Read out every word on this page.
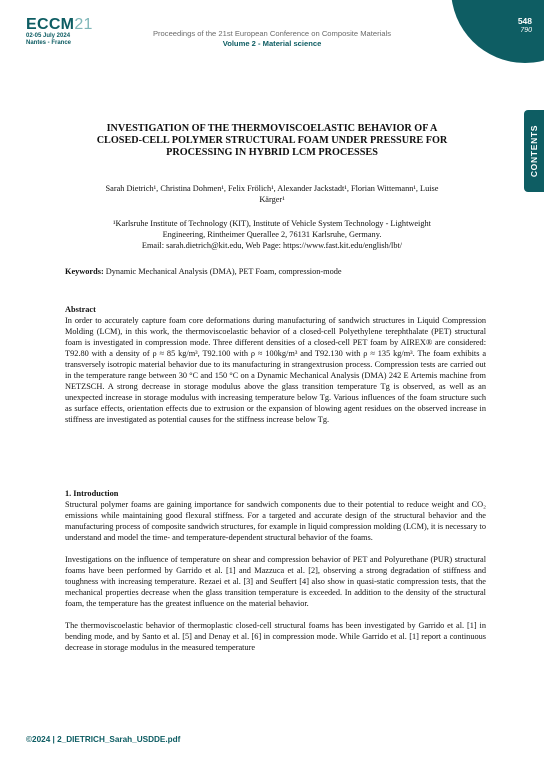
ECCM21
02-05 July 2024
Nantes - France
Proceedings of the 21st European Conference on Composite Materials
Volume 2 - Material science
548
790
CONTENTS
INVESTIGATION OF THE THERMOVISCOELASTIC BEHAVIOR OF A
CLOSED-CELL POLYMER STRUCTURAL FOAM UNDER PRESSURE FOR
PROCESSING IN HYBRID LCM PROCESSES
Sarah Dietrich¹, Christina Dohmen¹, Felix Frölich¹, Alexander Jackstadt¹, Florian Wittemann¹, Luise
Kärger¹
¹Karlsruhe Institute of Technology (KIT), Institute of Vehicle System Technology - Lightweight
Engineering, Rintheimer Querallee 2, 76131 Karlsruhe, Germany.
Email: sarah.dietrich@kit.edu, Web Page: https://www.fast.kit.edu/english/lbt/
Keywords: Dynamic Mechanical Analysis (DMA), PET Foam, compression-mode
Abstract
In order to accurately capture foam core deformations during manufacturing of sandwich structures in Liquid Compression Molding (LCM), in this work, the thermoviscoelastic behavior of a closed-cell Polyethylene terephthalate (PET) structural foam is investigated in compression mode. Three different densities of a closed-cell PET foam by AIREX® are considered: T92.80 with a density of ρ ≈ 85 kg/m³, T92.100 with ρ ≈ 100kg/m³ and T92.130 with ρ ≈ 135 kg/m³. The foam exhibits a transversely isotropic material behavior due to its manufacturing in strangextrusion process. Compression tests are carried out in the temperature range between 30 °C and 150 °C on a Dynamic Mechanical Analysis (DMA) 242 E Artemis machine from NETZSCH. A strong decrease in storage modulus above the glass transition temperature Tg is observed, as well as an unexpected increase in storage modulus with increasing temperature below Tg. Various influences of the foam structure such as surface effects, orientation effects due to extrusion or the expansion of blowing agent residues on the observed increase in stiffness are investigated as potential causes for the stiffness increase below Tg.
1. Introduction
Structural polymer foams are gaining importance for sandwich components due to their potential to reduce weight and CO₂ emissions while maintaining good flexural stiffness. For a targeted and accurate design of the structural behavior and the manufacturing process of composite sandwich structures, for example in liquid compression molding (LCM), it is necessary to understand and model the time- and temperature-dependent structural behavior of the foams.
Investigations on the influence of temperature on shear and compression behavior of PET and Polyurethane (PUR) structural foams have been performed by Garrido et al. [1] and Mazzuca et al. [2], observing a strong degradation of stiffness and toughness with increasing temperature. Rezaei et al. [3] and Seuffert [4] also show in quasi-static compression tests, that the mechanical properties decrease when the glass transition temperature is exceeded. In addition to the density of the structural foam, the temperature has the greatest influence on the material behavior.
The thermoviscoelastic behavior of thermoplastic closed-cell structural foams has been investigated by Garrido et al. [1] in bending mode, and by Santo et al. [5] and Denay et al. [6] in compression mode. While Garrido et al. [1] report a continuous decrease in storage modulus in the measured temperature
©2024 | 2_DIETRICH_Sarah_USDDE.pdf
